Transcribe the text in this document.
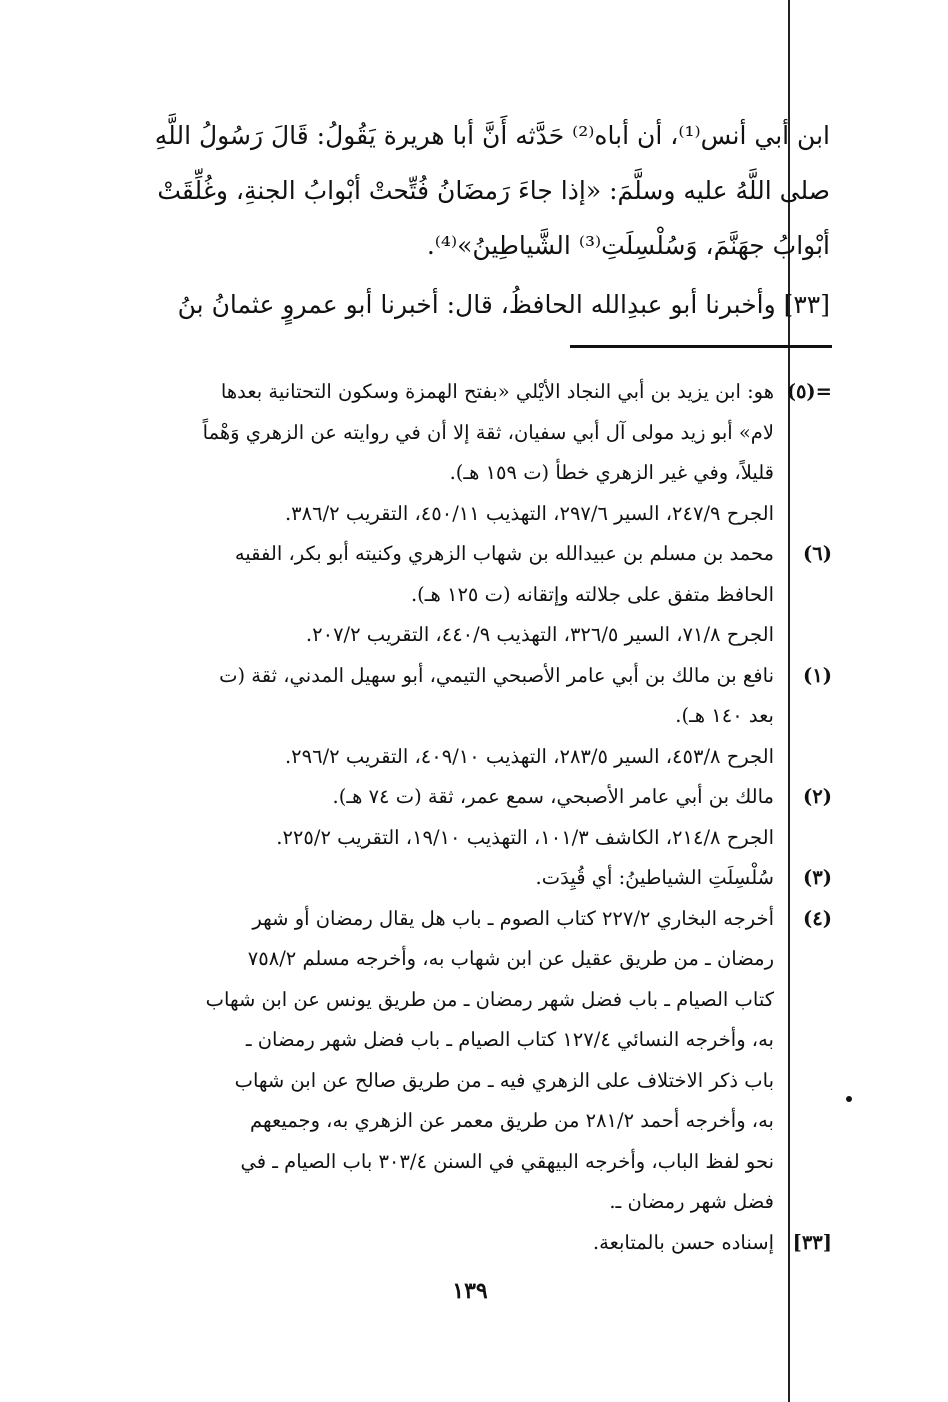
ابن أبي أنس⁽¹⁾، أن أباه⁽²⁾ حَدَّثه أَنَّ أبا هريرة يَقُولُ: قَالَ رَسُولُ اللَّهِ

صلى اللَّهُ عليه وسلَّمَ: «إذا جاءَ رَمضَانُ فُتِّحتْ أبْوابُ الجنةِ، وغُلِّقَتْ

أبْوابُ جهَنَّمَ، وَسُلْسِلَتِ⁽³⁾ الشَّياطِينُ»⁽⁴⁾.

[٣٣] وأخبرنا أبو عبدِالله الحافظُ، قال: أخبرنا أبو عمروٍ عثمانُ بنُ

=(٥)
هو: ابن يزيد بن أبي النجاد الأيْلي «بفتح الهمزة وسكون التحتانية بعدها
لام» أبو زيد مولى آل أبي سفيان، ثقة إلا أن في روايته عن الزهري وَهْماً
قليلاً، وفي غير الزهري خطأ (ت ١٥٩ هـ).
الجرح ٢٤٧/٩، السير ٢٩٧/٦، التهذيب ٤٥٠/١١، التقريب ٣٨٦/٢.
(٦)
محمد بن مسلم بن عبيدالله بن شهاب الزهري وكنيته أبو بكر، الفقيه
الحافظ متفق على جلالته وإتقانه (ت ١٢٥ هـ).
الجرح ٧١/٨، السير ٣٢٦/٥، التهذيب ٤٤٠/٩، التقريب ٢٠٧/٢.
(١)
نافع بن مالك بن أبي عامر الأصبحي التيمي، أبو سهيل المدني، ثقة (ت
بعد ١٤٠ هـ).
الجرح ٤٥٣/٨، السير ٢٨٣/٥، التهذيب ٤٠٩/١٠، التقريب ٢٩٦/٢.
(٢)
مالك بن أبي عامر الأصبحي، سمع عمر، ثقة (ت ٧٤ هـ).
الجرح ٢١٤/٨، الكاشف ١٠١/٣، التهذيب ١٩/١٠، التقريب ٢٢٥/٢.
(٣)
سُلْسِلَتِ الشياطينُ: أي قُيِدَت.
(٤)
أخرجه البخاري ٢٢٧/٢ كتاب الصوم ـ باب هل يقال رمضان أو شهر
رمضان ـ من طريق عقيل عن ابن شهاب به، وأخرجه مسلم ٧٥٨/٢
كتاب الصيام ـ باب فضل شهر رمضان ـ من طريق يونس عن ابن شهاب
به، وأخرجه النسائي ١٢٧/٤ كتاب الصيام ـ باب فضل شهر رمضان ـ
باب ذكر الاختلاف على الزهري فيه ـ من طريق صالح عن ابن شهاب
به، وأخرجه أحمد ٢٨١/٢ من طريق معمر عن الزهري به، وجميعهم
نحو لفظ الباب، وأخرجه البيهقي في السنن ٣٠٣/٤ باب الصيام ـ في
فضل شهر رمضان ـ.
[٣٣]
إسناده حسن بالمتابعة.
١٣٩
